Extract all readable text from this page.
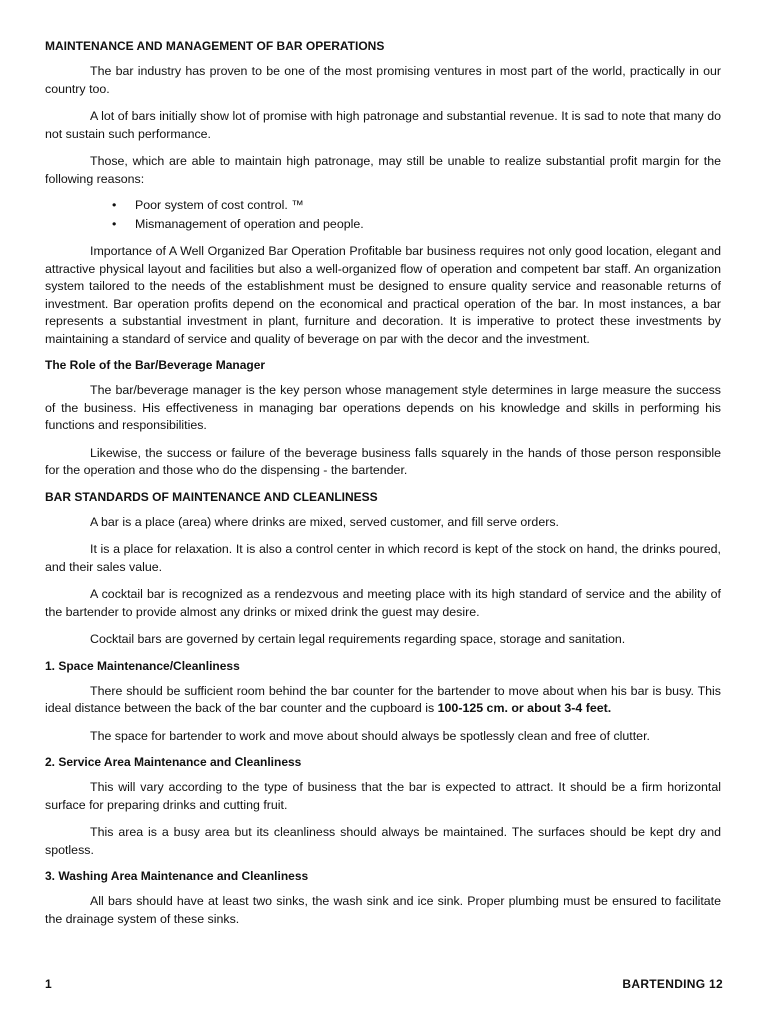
MAINTENANCE AND MANAGEMENT OF BAR OPERATIONS

The bar industry has proven to be one of the most promising ventures in most part of the world, practically in our country too.

A lot of bars initially show lot of promise with high patronage and substantial revenue. It is sad to note that many do not sustain such performance.

Those, which are able to maintain high patronage, may still be unable to realize substantial profit margin for the following reasons:

• Poor system of cost control. ™
• Mismanagement of operation and people.

Importance of A Well Organized Bar Operation Profitable bar business requires not only good location, elegant and attractive physical layout and facilities but also a well-organized flow of operation and competent bar staff. An organization system tailored to the needs of the establishment must be designed to ensure quality service and reasonable returns of investment. Bar operation profits depend on the economical and practical operation of the bar. In most instances, a bar represents a substantial investment in plant, furniture and decoration. It is imperative to protect these investments by maintaining a standard of service and quality of beverage on par with the decor and the investment.

The Role of the Bar/Beverage Manager

The bar/beverage manager is the key person whose management style determines in large measure the success of the business. His effectiveness in managing bar operations depends on his knowledge and skills in performing his functions and responsibilities.

Likewise, the success or failure of the beverage business falls squarely in the hands of those person responsible for the operation and those who do the dispensing - the bartender.

BAR STANDARDS OF MAINTENANCE AND CLEANLINESS

A bar is a place (area) where drinks are mixed, served customer, and fill serve orders.

It is a place for relaxation. It is also a control center in which record is kept of the stock on hand, the drinks poured, and their sales value.

A cocktail bar is recognized as a rendezvous and meeting place with its high standard of service and the ability of the bartender to provide almost any drinks or mixed drink the guest may desire.

Cocktail bars are governed by certain legal requirements regarding space, storage and sanitation.

1. Space Maintenance/Cleanliness

There should be sufficient room behind the bar counter for the bartender to move about when his bar is busy. This ideal distance between the back of the bar counter and the cupboard is 100-125 cm. or about 3-4 feet.

The space for bartender to work and move about should always be spotlessly clean and free of clutter.

2. Service Area Maintenance and Cleanliness

This will vary according to the type of business that the bar is expected to attract. It should be a firm horizontal surface for preparing drinks and cutting fruit.

This area is a busy area but its cleanliness should always be maintained. The surfaces should be kept dry and spotless.

3. Washing Area Maintenance and Cleanliness

All bars should have at least two sinks, the wash sink and ice sink. Proper plumbing must be ensured to facilitate the drainage system of these sinks.

1	BARTENDING 12
